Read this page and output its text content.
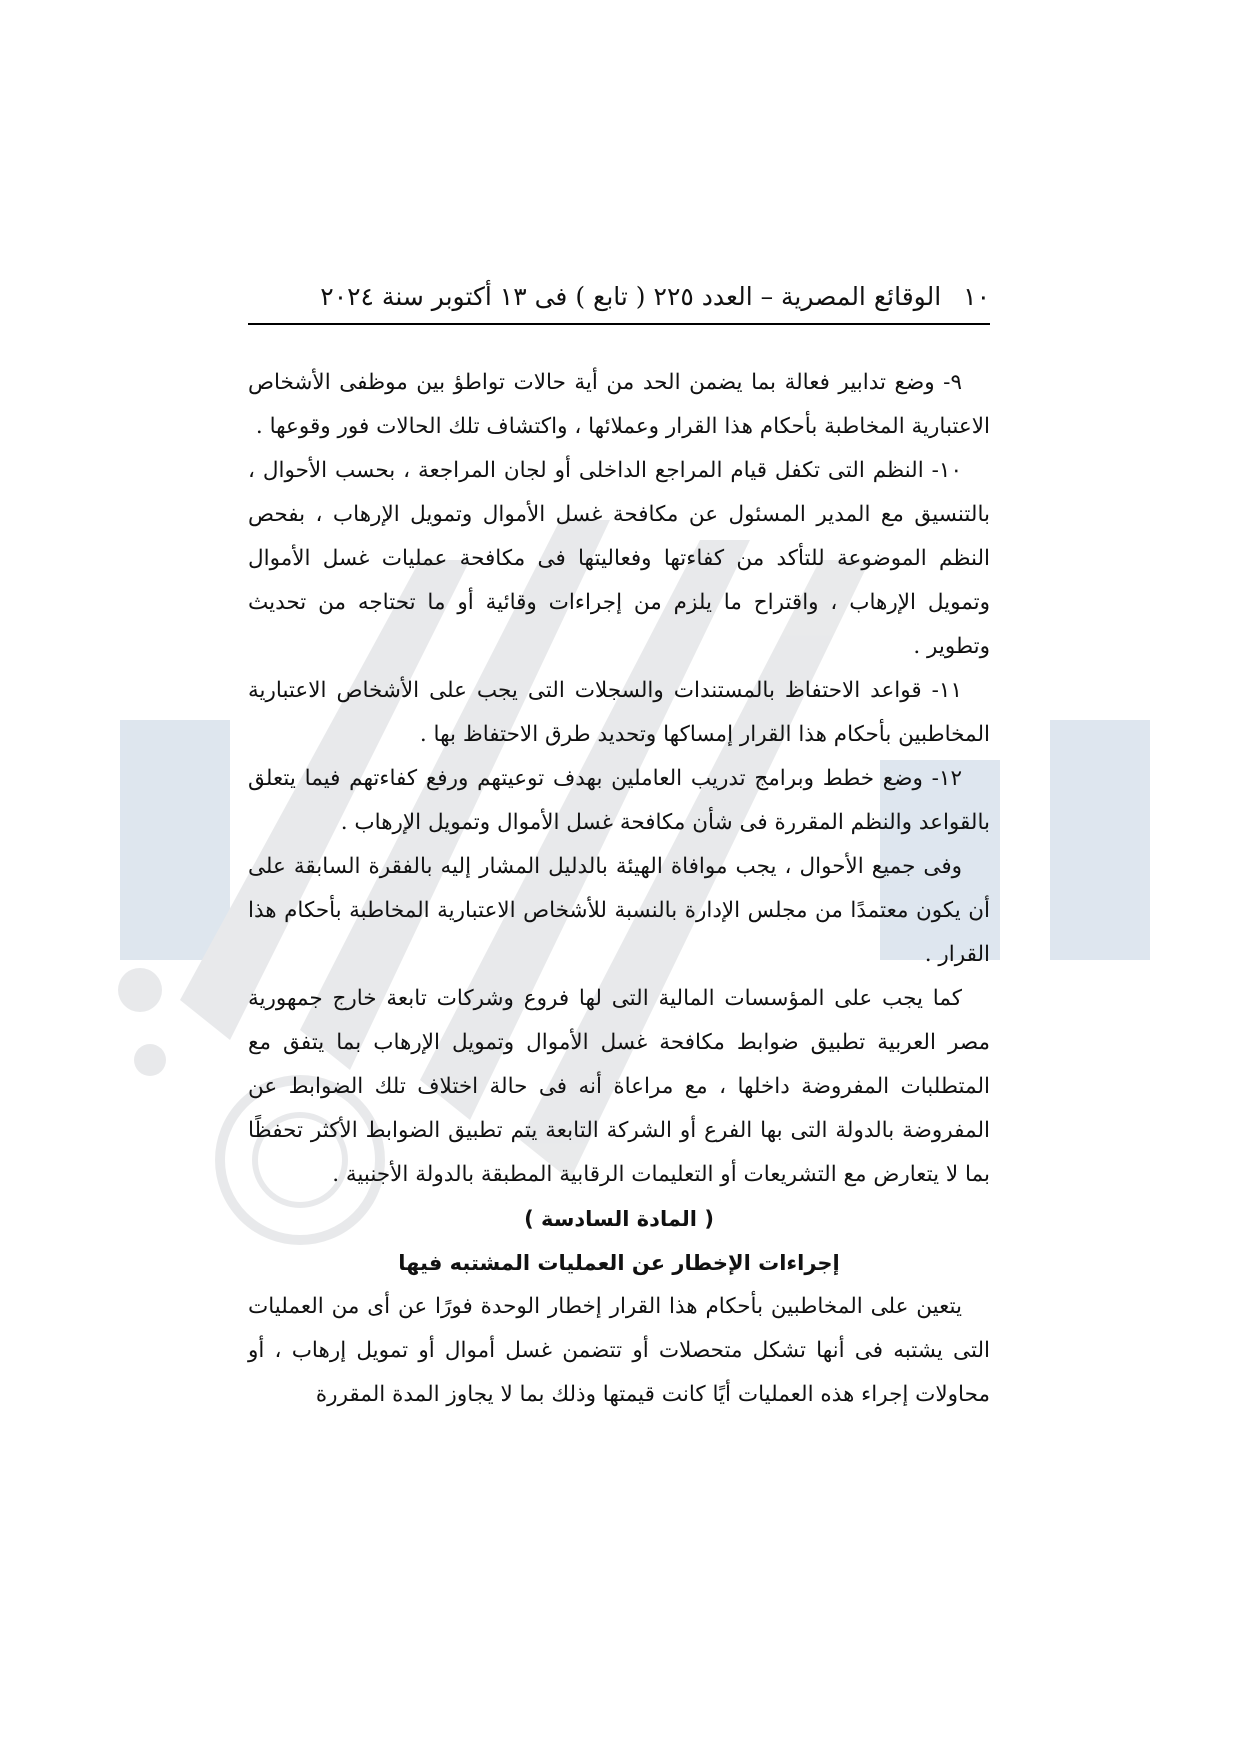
١٠
الوقائع المصرية – العدد ٢٢٥ ( تابع ) فى ١٣ أكتوبر سنة ٢٠٢٤

٩- وضع تدابير فعالة بما يضمن الحد من أية حالات تواطؤ بين موظفى الأشخاص الاعتبارية المخاطبة بأحكام هذا القرار وعملائها ، واكتشاف تلك الحالات فور وقوعها .

١٠- النظم التى تكفل قيام المراجع الداخلى أو لجان المراجعة ، بحسب الأحوال ، بالتنسيق مع المدير المسئول عن مكافحة غسل الأموال وتمويل الإرهاب ، بفحص النظم الموضوعة للتأكد من كفاءتها وفعاليتها فى مكافحة عمليات غسل الأموال وتمويل الإرهاب ، واقتراح ما يلزم من إجراءات وقائية أو ما تحتاجه من تحديث وتطوير .

١١- قواعد الاحتفاظ بالمستندات والسجلات التى يجب على الأشخاص الاعتبارية المخاطبين بأحكام هذا القرار إمساكها وتحديد طرق الاحتفاظ بها .

١٢- وضع خطط وبرامج تدريب العاملين بهدف توعيتهم ورفع كفاءتهم فيما يتعلق بالقواعد والنظم المقررة فى شأن مكافحة غسل الأموال وتمويل الإرهاب .

وفى جميع الأحوال ، يجب موافاة الهيئة بالدليل المشار إليه بالفقرة السابقة على أن يكون معتمدًا من مجلس الإدارة بالنسبة للأشخاص الاعتبارية المخاطبة بأحكام هذا القرار .

كما يجب على المؤسسات المالية التى لها فروع وشركات تابعة خارج جمهورية مصر العربية تطبيق ضوابط مكافحة غسل الأموال وتمويل الإرهاب بما يتفق مع المتطلبات المفروضة داخلها ، مع مراعاة أنه فى حالة اختلاف تلك الضوابط عن المفروضة بالدولة التى بها الفرع أو الشركة التابعة يتم تطبيق الضوابط الأكثر تحفظًا بما لا يتعارض مع التشريعات أو التعليمات الرقابية المطبقة بالدولة الأجنبية .

( المادة السادسة )

إجراءات الإخطار عن العمليات المشتبه فيها

يتعين على المخاطبين بأحكام هذا القرار إخطار الوحدة فورًا عن أى من العمليات التى يشتبه فى أنها تشكل متحصلات أو تتضمن غسل أموال أو تمويل إرهاب ، أو محاولات إجراء هذه العمليات أيًا كانت قيمتها وذلك بما لا يجاوز المدة المقررة
